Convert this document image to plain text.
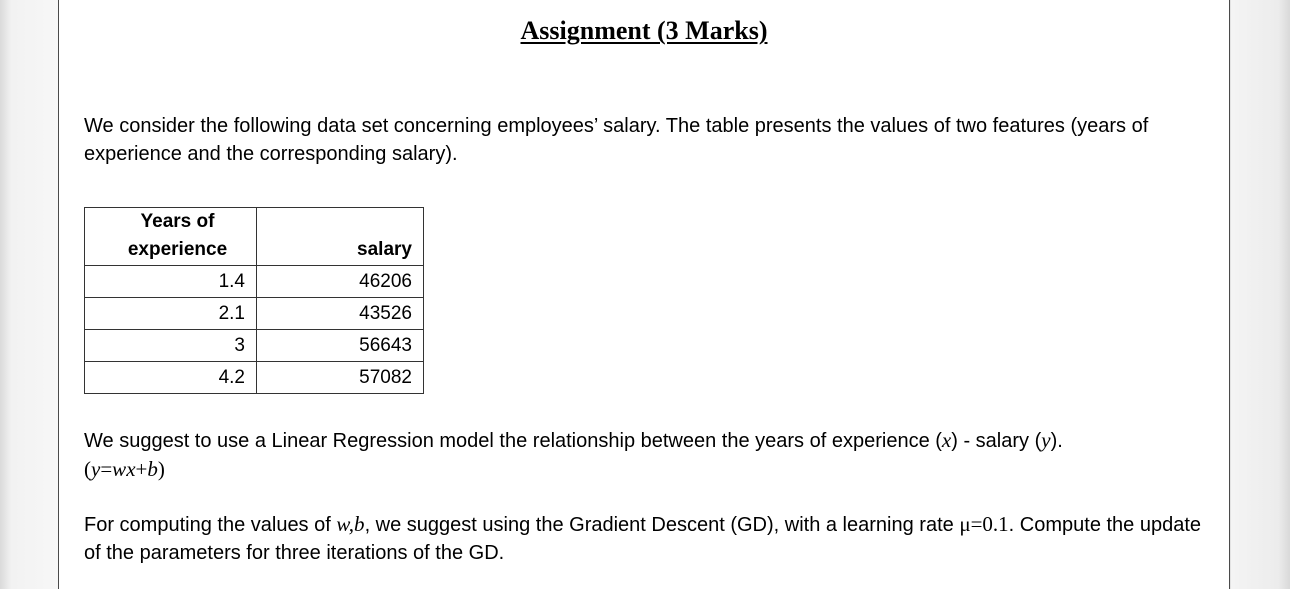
Assignment (3 Marks)

We consider the following data set concerning employees’ salary. The table presents the values of two features (years of experience and the corresponding salary).

Years of experience	salary
1.4	46206
2.1	43526
3	56643
4.2	57082

We suggest to use a Linear Regression model the relationship between the years of experience (x) - salary (y).
(y=wx+b)

For computing the values of w,b, we suggest using the Gradient Descent (GD), with a learning rate μ=0.1. Compute the update of the parameters for three iterations of the GD.
